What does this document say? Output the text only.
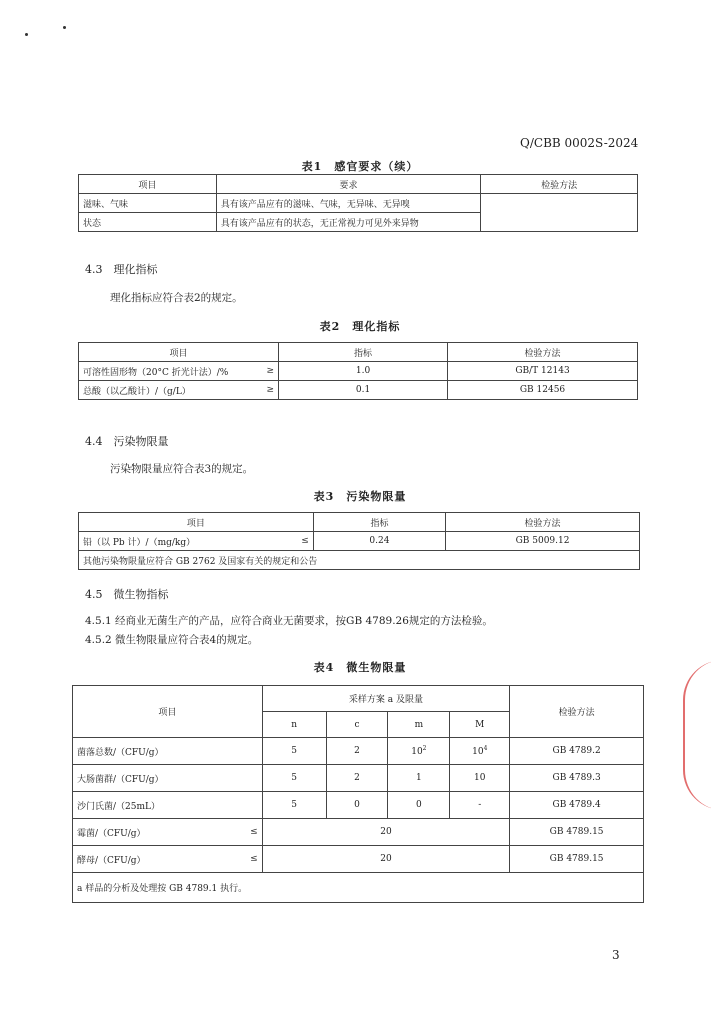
Q/CBB 0002S-2024
表1　感官要求（续）
项目	要求	检验方法
滋味、气味	具有该产品应有的滋味、气味，无异味、无异嗅	
状态	具有该产品应有的状态，无正常视力可见外来异物	
4.3　理化指标
理化指标应符合表2的规定。
表2　理化指标
项目		指标	检验方法
可溶性固形物（20°C 折光计法）/%	≥	1.0	GB/T 12143
总酸（以乙酸计）/（g/L）	≥	0.1	GB 12456
4.4　污染物限量
污染物限量应符合表3的规定。
表3　污染物限量
项目		指标	检验方法
铅（以 Pb 计）/（mg/kg）	≤	0.24	GB 5009.12
其他污染物限量应符合 GB 2762 及国家有关的规定和公告			
4.5　微生物指标
4.5.1 经商业无菌生产的产品，应符合商业无菌要求，按GB 4789.26规定的方法检验。
4.5.2 微生物限量应符合表4的规定。
表4　微生物限量
项目		采样方案 a 及限量				检验方法
		n	c	m	M	
菌落总数/（CFU/g）		5	2	$10^2$	$10^4$	GB 4789.2
大肠菌群/（CFU/g）		5	2	1	10	GB 4789.3
沙门氏菌/（25mL）		5	0	0	-	GB 4789.4
霉菌/（CFU/g）	≤	20				GB 4789.15
酵母/（CFU/g）	≤	20				GB 4789.15
a 样品的分析及处理按 GB 4789.1 执行。						
3
